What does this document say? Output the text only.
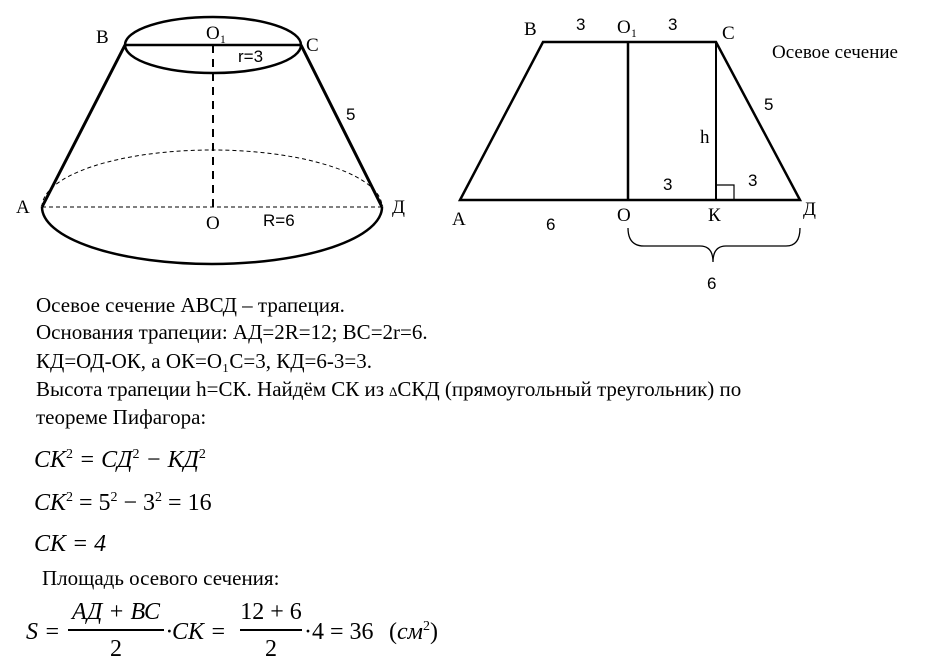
В	О₁
С
r=3
5
А	Д
О	R=6
В 3 О₁ 3 С
Осевое сечение
h
5
3	3
А	6	О	К	Д
6
Осевое сечение АВСД – трапеция.
Основания трапеции: АД=2R=12; ВС=2r=6.
КД=ОД-ОК, а ОК=О₁С=3, КД=6-3=3.
Высота трапеции h=СК. Найдём СК из ∆СКД (прямоугольный треугольник) по
теореме Пифагора:
$СК^2 = СД^2 - КД^2$
$СК^2 = 5^2 - 3^2 = 16$
СК = 4
Площадь осевого сечения:
S =
АД + ВС
2
·СК =
12 + 6
2
·4 = 36 $(см^2)$
